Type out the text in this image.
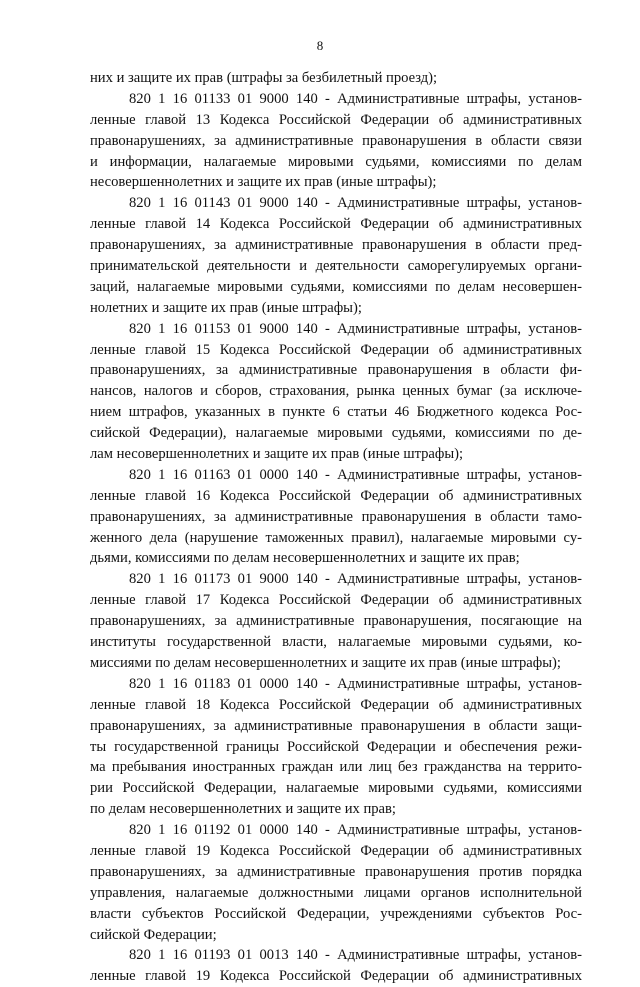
8
них и защите их прав (штрафы за безбилетный проезд);
820 1 16 01133 01 9000 140 - Административные штрафы, установ-
ленные главой 13 Кодекса Российской Федерации об административных
правонарушениях, за административные правонарушения в области связи
и информации, налагаемые мировыми судьями, комиссиями по делам
несовершеннолетних и защите их прав (иные штрафы);
820 1 16 01143 01 9000 140 - Административные штрафы, установ-
ленные главой 14 Кодекса Российской Федерации об административных
правонарушениях, за административные правонарушения в области пред-
принимательской деятельности и деятельности саморегулируемых органи-
заций, налагаемые мировыми судьями, комиссиями по делам несовершен-
нолетних и защите их прав (иные штрафы);
820 1 16 01153 01 9000 140 - Административные штрафы, установ-
ленные главой 15 Кодекса Российской Федерации об административных
правонарушениях, за административные правонарушения в области фи-
нансов, налогов и сборов, страхования, рынка ценных бумаг (за исключе-
нием штрафов, указанных в пункте 6 статьи 46 Бюджетного кодекса Рос-
сийской Федерации), налагаемые мировыми судьями, комиссиями по де-
лам несовершеннолетних и защите их прав (иные штрафы);
820 1 16 01163 01 0000 140 - Административные штрафы, установ-
ленные главой 16 Кодекса Российской Федерации об административных
правонарушениях, за административные правонарушения в области тамо-
женного дела (нарушение таможенных правил), налагаемые мировыми су-
дьями, комиссиями по делам несовершеннолетних и защите их прав;
820 1 16 01173 01 9000 140 - Административные штрафы, установ-
ленные главой 17 Кодекса Российской Федерации об административных
правонарушениях, за административные правонарушения, посягающие на
институты государственной власти, налагаемые мировыми судьями, ко-
миссиями по делам несовершеннолетних и защите их прав (иные штрафы);
820 1 16 01183 01 0000 140 - Административные штрафы, установ-
ленные главой 18 Кодекса Российской Федерации об административных
правонарушениях, за административные правонарушения в области защи-
ты государственной границы Российской Федерации и обеспечения режи-
ма пребывания иностранных граждан или лиц без гражданства на террито-
рии Российской Федерации, налагаемые мировыми судьями, комиссиями
по делам несовершеннолетних и защите их прав;
820 1 16 01192 01 0000 140 - Административные штрафы, установ-
ленные главой 19 Кодекса Российской Федерации об административных
правонарушениях, за административные правонарушения против порядка
управления, налагаемые должностными лицами органов исполнительной
власти субъектов Российской Федерации, учреждениями субъектов Рос-
сийской Федерации;
820 1 16 01193 01 0013 140 - Административные штрафы, установ-
ленные главой 19 Кодекса Российской Федерации об административных
